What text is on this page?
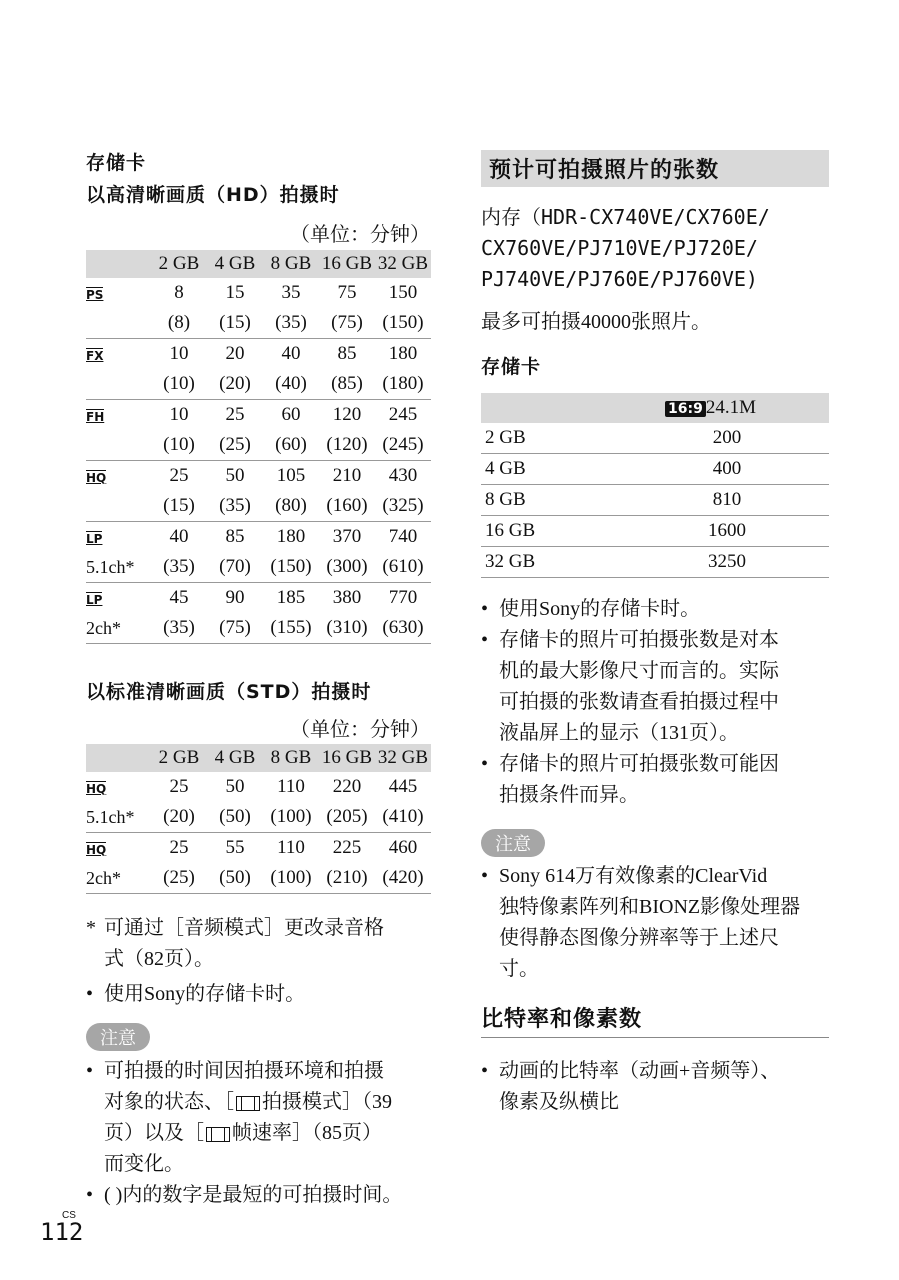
存储卡
以高清晰画质（HD）拍摄时
（单位：分钟）
	2 GB	4 GB	8 GB	16 GB	32 GB
PS	8	15	35	75	150
	(8)	(15)	(35)	(75)	(150)
FX	10	20	40	85	180
	(10)	(20)	(40)	(85)	(180)
FH	10	25	60	120	245
	(10)	(25)	(60)	(120)	(245)
HQ	25	50	105	210	430
	(15)	(35)	(80)	(160)	(325)
LP	40	85	180	370	740
5.1ch*	(35)	(70)	(150)	(300)	(610)
LP	45	90	185	380	770
2ch*	(35)	(75)	(155)	(310)	(630)
以标准清晰画质（STD）拍摄时
（单位：分钟）
	2 GB	4 GB	8 GB	16 GB	32 GB
HQ	25	50	110	220	445
5.1ch*	(20)	(50)	(100)	(205)	(410)
HQ	25	55	110	225	460
2ch*	(25)	(50)	(100)	(210)	(420)
* 可通过［音频模式］更改录音格
式（82页）。
• 使用Sony的存储卡时。
注意
• 可拍摄的时间因拍摄环境和拍摄
对象的状态、［ 拍摄模式］（39
页）以及［ 帧速率］（85页）
而变化。
• ( )内的数字是最短的可拍摄时间。
CS
112
预计可拍摄照片的张数
内存（HDR-CX740VE/CX760E/
CX760VE/PJ710VE/PJ720E/
PJ740VE/PJ760E/PJ760VE)
最多可拍摄40000张照片。
存储卡
	16:9 24.1M
2 GB	200
4 GB	400
8 GB	810
16 GB	1600
32 GB	3250
• 使用Sony的存储卡时。
• 存储卡的照片可拍摄张数是对本
机的最大影像尺寸而言的。实际
可拍摄的张数请查看拍摄过程中
液晶屏上的显示（131页）。
• 存储卡的照片可拍摄张数可能因
拍摄条件而异。
注意
• Sony 614万有效像素的ClearVid
独特像素阵列和BIONZ影像处理器
使得静态图像分辨率等于上述尺
寸。
比特率和像素数
• 动画的比特率（动画+音频等）、
像素及纵横比
